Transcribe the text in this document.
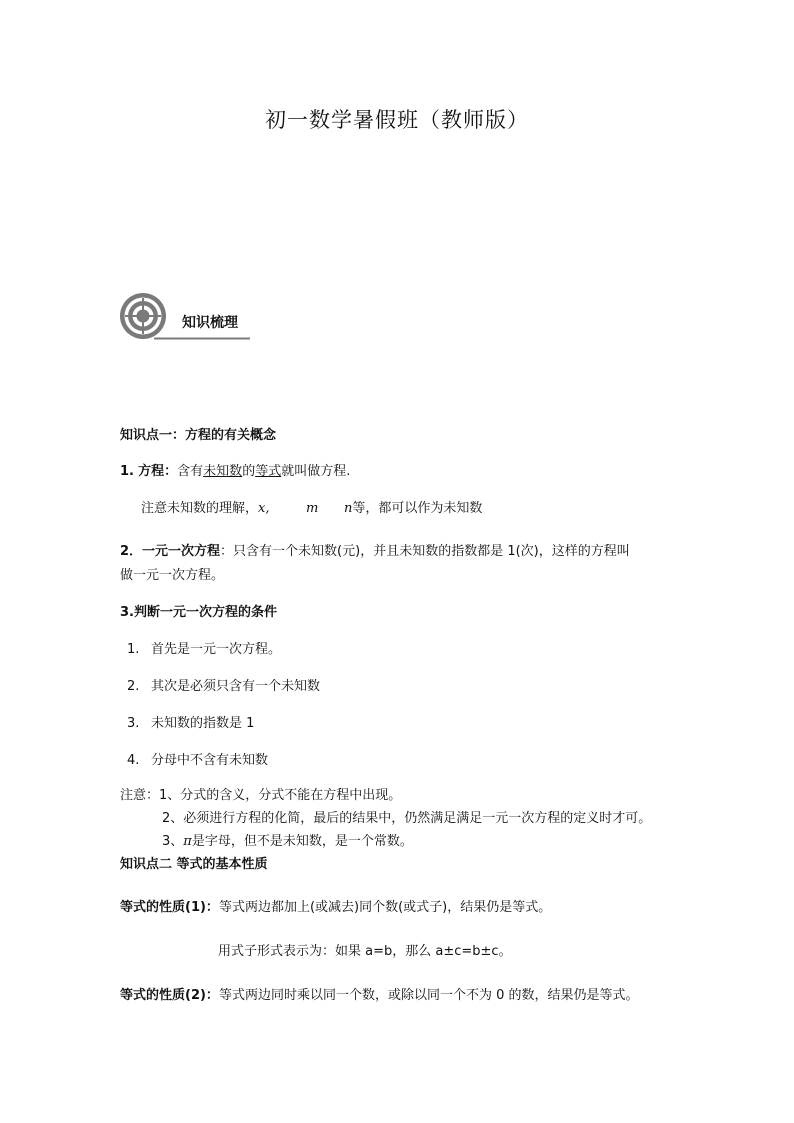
初一数学暑假班（教师版）
知识梳理
知识点一：方程的有关概念
1. 方程：含有未知数的等式就叫做方程.
注意未知数的理解，x,	m n等，都可以作为未知数
2．一元一次方程：只含有一个未知数(元)，并且未知数的指数都是 1(次)，这样的方程叫
做一元一次方程。
3.判断一元一次方程的条件
1. 首先是一元一次方程。
2. 其次是必须只含有一个未知数
3. 未知数的指数是 1
4. 分母中不含有未知数
注意：1、分式的含义，分式不能在方程中出现。
2、必须进行方程的化简，最后的结果中，仍然满足满足一元一次方程的定义时才可。
3、π是字母，但不是未知数，是一个常数。
知识点二 等式的基本性质
等式的性质(1)：等式两边都加上(或减去)同个数(或式子)，结果仍是等式。
用式子形式表示为：如果 a=b，那么 a±c=b±c。
等式的性质(2)：等式两边同时乘以同一个数，或除以同一个不为 0 的数，结果仍是等式。
